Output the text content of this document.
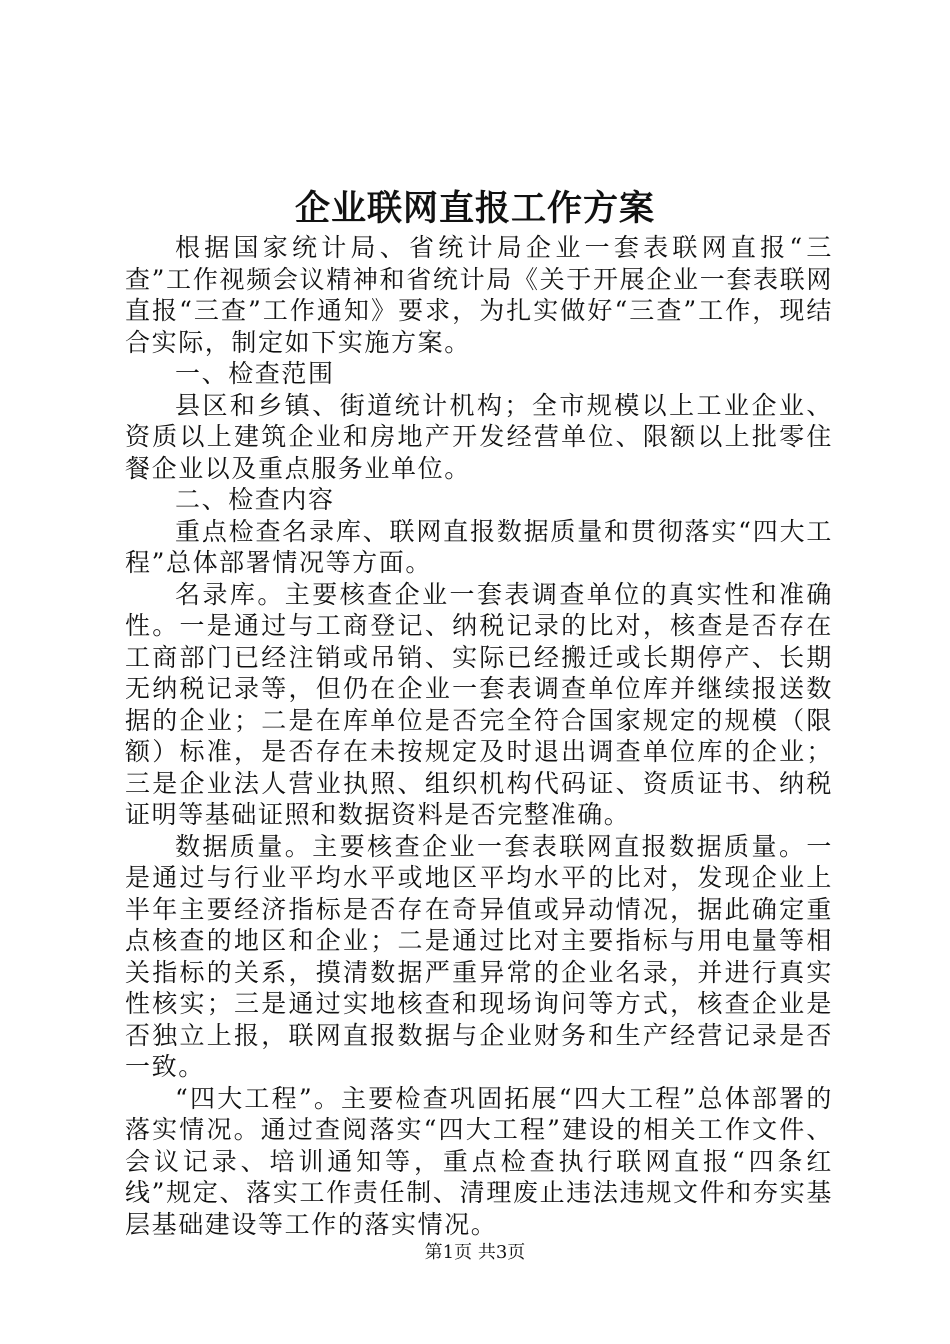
企业联网直报工作方案

根据国家统计局、省统计局企业一套表联网直报“三查”工作视频会议精神和省统计局《关于开展企业一套表联网直报“三查”工作通知》要求，为扎实做好“三查”工作，现结合实际，制定如下实施方案。

一、检查范围

县区和乡镇、街道统计机构；全市规模以上工业企业、资质以上建筑企业和房地产开发经营单位、限额以上批零住餐企业以及重点服务业单位。

二、检查内容

重点检查名录库、联网直报数据质量和贯彻落实“四大工程”总体部署情况等方面。

名录库。主要核查企业一套表调查单位的真实性和准确性。一是通过与工商登记、纳税记录的比对，核查是否存在工商部门已经注销或吊销、实际已经搬迁或长期停产、长期无纳税记录等，但仍在企业一套表调查单位库并继续报送数据的企业；二是在库单位是否完全符合国家规定的规模（限额）标准，是否存在未按规定及时退出调查单位库的企业；三是企业法人营业执照、组织机构代码证、资质证书、纳税证明等基础证照和数据资料是否完整准确。

数据质量。主要核查企业一套表联网直报数据质量。一是通过与行业平均水平或地区平均水平的比对，发现企业上半年主要经济指标是否存在奇异值或异动情况，据此确定重点核查的地区和企业；二是通过比对主要指标与用电量等相关指标的关系，摸清数据严重异常的企业名录，并进行真实性核实；三是通过实地核查和现场询问等方式，核查企业是否独立上报，联网直报数据与企业财务和生产经营记录是否一致。

“四大工程”。主要检查巩固拓展“四大工程”总体部署的落实情况。通过查阅落实“四大工程”建设的相关工作文件、会议记录、培训通知等，重点检查执行联网直报“四条红线”规定、落实工作责任制、清理废止违法违规文件和夯实基层基础建设等工作的落实情况。

第1页 共3页
